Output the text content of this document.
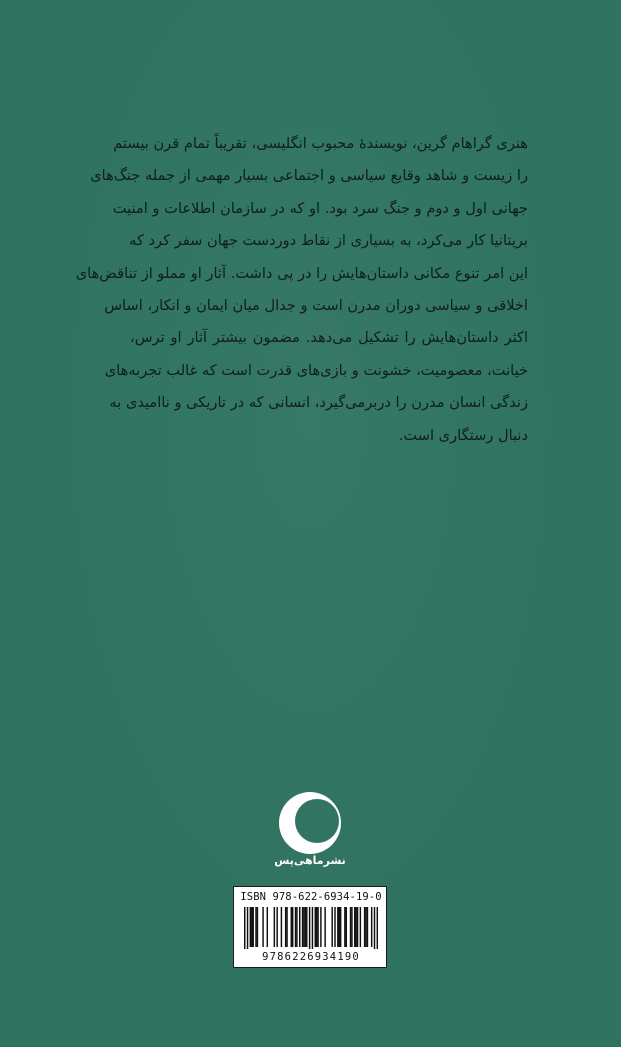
هنری گراهام گرین، نویسندهٔ محبوب انگلیسی، تقریباً تمام قرن بیستم
را زیست و شاهد وقایع سیاسی و اجتماعی بسیار مهمی از جمله جنگ‌های
جهانی اول و دوم و جنگ سرد بود. او که در سازمان اطلاعات و امنیت
بریتانیا کار می‌کرد، به بسیاری از نقاط دوردست جهان سفر کرد که
این امر تنوع مکانی داستان‌هایش را در پی داشت. آثار او مملو از تناقض‌های
اخلاقی و سیاسی دوران مدرن است و جدال میان ایمان و انکار، اساس
اکثر داستان‌هایش را تشکیل می‌دهد. مضمون بیشتر آثار او ترس،
خیانت، معصومیت، خشونت و بازی‌های قدرت است که غالب تجربه‌های
زندگی انسان مدرن را دربرمی‌گیرد، انسانی که در تاریکی و ناامیدی به
دنبال رستگاری است.
نشرماهی‌پس
ISBN 978-622-6934-19-0
9786226934190
